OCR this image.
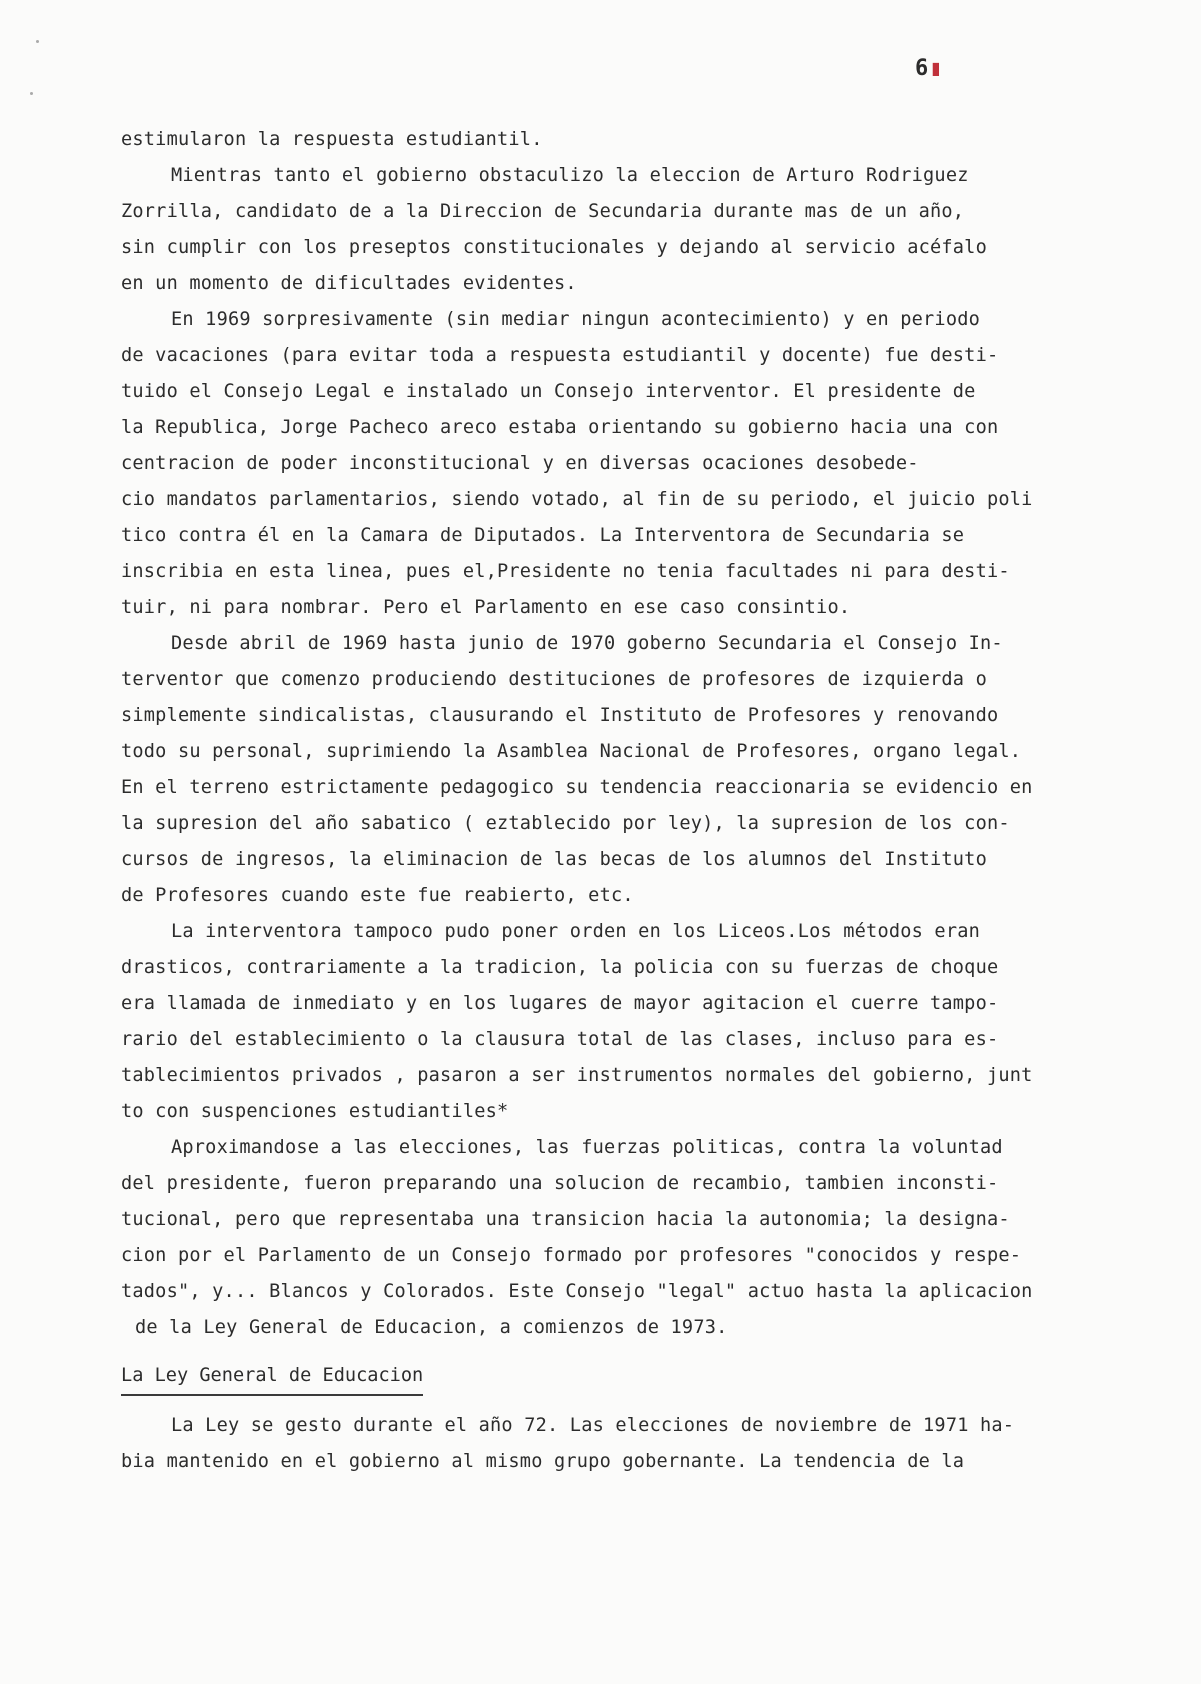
6▮
estimularon la respuesta estudiantil.
Mientras tanto el gobierno obstaculizo la eleccion de Arturo Rodriguez
Zorrilla, candidato de a la Direccion de Secundaria durante mas de un año,
sin cumplir con los preseptos constitucionales y dejando al servicio acéfalo
en un momento de dificultades evidentes.
En 1969 sorpresivamente (sin mediar ningun acontecimiento) y en periodo
de vacaciones (para evitar toda a respuesta estudiantil y docente) fue desti-
tuido el Consejo Legal e instalado un Consejo interventor. El presidente de
la Republica, Jorge Pacheco areco estaba orientando su gobierno hacia una con
centracion de poder inconstitucional y en diversas ocaciones desobede-
cio mandatos parlamentarios, siendo votado, al fin de su periodo, el juicio poli
tico contra él en la Camara de Diputados. La Interventora de Secundaria se
inscribia en esta linea, pues el,Presidente no tenia facultades ni para desti-
tuir, ni para nombrar. Pero el Parlamento en ese caso consintio.
Desde abril de 1969 hasta junio de 1970 goberno Secundaria el Consejo In-
terventor que comenzo produciendo destituciones de profesores de izquierda o
simplemente sindicalistas, clausurando el Instituto de Profesores y renovando
todo su personal, suprimiendo la Asamblea Nacional de Profesores, organo legal.
En el terreno estrictamente pedagogico su tendencia reaccionaria se evidencio en
la supresion del año sabatico ( eztablecido por ley), la supresion de los con-
cursos de ingresos, la eliminacion de las becas de los alumnos del Instituto
de Profesores cuando este fue reabierto, etc.
La interventora tampoco pudo poner orden en los Liceos.Los métodos eran
drasticos, contrariamente a la tradicion, la policia con su fuerzas de choque
era llamada de inmediato y en los lugares de mayor agitacion el cuerre tampo-
rario del establecimiento o la clausura total de las clases, incluso para es-
tablecimientos privados , pasaron a ser instrumentos normales del gobierno, junt
to con suspenciones estudiantiles*
Aproximandose a las elecciones, las fuerzas politicas, contra la voluntad
del presidente, fueron preparando una solucion de recambio, tambien inconsti-
tucional, pero que representaba una transicion hacia la autonomia; la designa-
cion por el Parlamento de un Consejo formado por profesores "conocidos y respe-
tados", y... Blancos y Colorados. Este Consejo "legal" actuo hasta la aplicacion
de la Ley General de Educacion, a comienzos de 1973.
La Ley General de Educacion
La Ley se gesto durante el año 72. Las elecciones de noviembre de 1971 ha-
bia mantenido en el gobierno al mismo grupo gobernante. La tendencia de la
